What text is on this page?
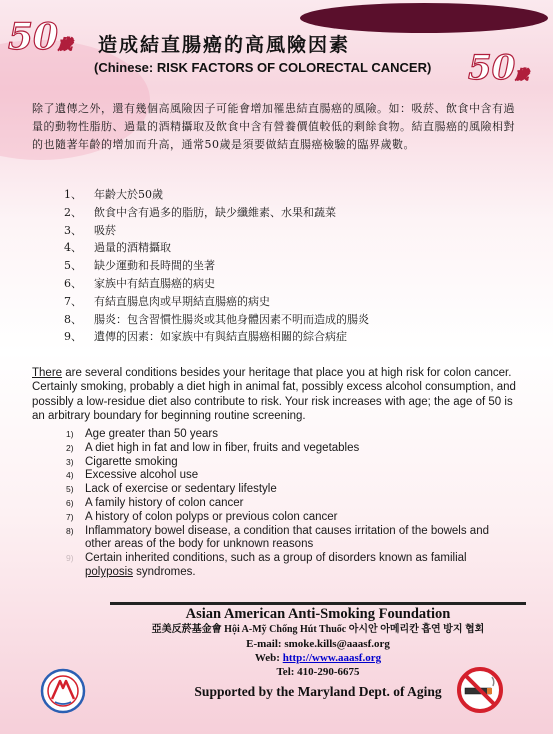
50歲
50歲
造成結直腸癌的高風險因素
(Chinese: RISK FACTORS OF COLORECTAL CANCER)

除了遺傳之外，還有幾個高風險因子可能會增加罹患結直腸癌的風險。如：吸菸、飲食中含有過量的動物性脂肪、過量的酒精攝取及飲食中含有營養價值較低的剩餘食物。結直腸癌的風險相對的也隨著年齡的增加而升高，通常50歲是須要做結直腸癌檢驗的臨界歲數。

1、 年齡大於50歲
2、 飲食中含有過多的脂肪，缺少纖維素、水果和蔬菜
3、 吸菸
4、 過量的酒精攝取
5、 缺少運動和長時間的坐著
6、 家族中有結直腸癌的病史
7、 有結直腸息肉或早期結直腸癌的病史
8、 腸炎：包含習慣性腸炎或其他身體因素不明而造成的腸炎
9、 遺傳的因素：如家族中有與結直腸癌相關的綜合病症

There are several conditions besides your heritage that place you at high risk for colon cancer. Certainly smoking, probably a diet high in animal fat, possibly excess alcohol consumption, and possibly a low-residue diet also contribute to risk. Your risk increases with age; the age of 50 is an arbitrary boundary for beginning routine screening.

1) Age greater than 50 years
2) A diet high in fat and low in fiber, fruits and vegetables
3) Cigarette smoking
4) Excessive alcohol use
5) Lack of exercise or sedentary lifestyle
6) A family history of colon cancer
7) A history of colon polyps or previous colon cancer
8) Inflammatory bowel disease, a condition that causes irritation of the bowels and other areas of the body for unknown reasons
9) Certain inherited conditions, such as a group of disorders known as familial polyposis syndromes.
Asian American Anti-Smoking Foundation
亞美反菸基金會 Hội A-Mỹ Chống Hút Thuốc 아시안 아메리칸 흡연 방지 협회
E-mail: smoke.kills@aaasf.org
Web: http://www.aaasf.org
Tel: 410-290-6675
Supported by the Maryland Dept. of Aging
